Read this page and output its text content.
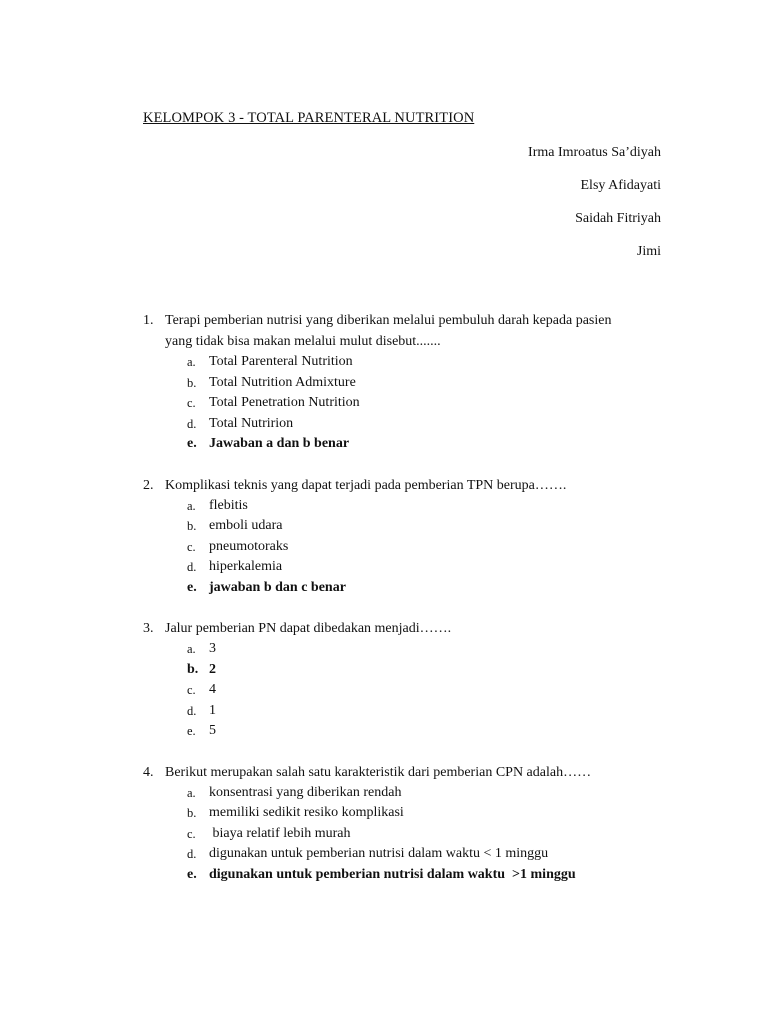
KELOMPOK 3 - TOTAL PARENTERAL NUTRITION
Irma Imroatus Sa’diyah
Elsy Afidayati
Saidah Fitriyah
Jimi
1. Terapi pemberian nutrisi yang diberikan melalui pembuluh darah kepada pasien
yang tidak bisa makan melalui mulut disebut.......
a. Total Parenteral Nutrition
b. Total Nutrition Admixture
c. Total Penetration Nutrition
d. Total Nutririon
e. Jawaban a dan b benar
2. Komplikasi teknis yang dapat terjadi pada pemberian TPN berupa…….
a. flebitis
b. emboli udara
c. pneumotoraks
d. hiperkalemia
e. jawaban b dan c benar
3. Jalur pemberian PN dapat dibedakan menjadi…….
a. 3
b. 2
c. 4
d. 1
e. 5
4. Berikut merupakan salah satu karakteristik dari pemberian CPN adalah……
a. konsentrasi yang diberikan rendah
b. memiliki sedikit resiko komplikasi
c. biaya relatif lebih murah
d. digunakan untuk pemberian nutrisi dalam waktu < 1 minggu
e. digunakan untuk pemberian nutrisi dalam waktu  >1 minggu
